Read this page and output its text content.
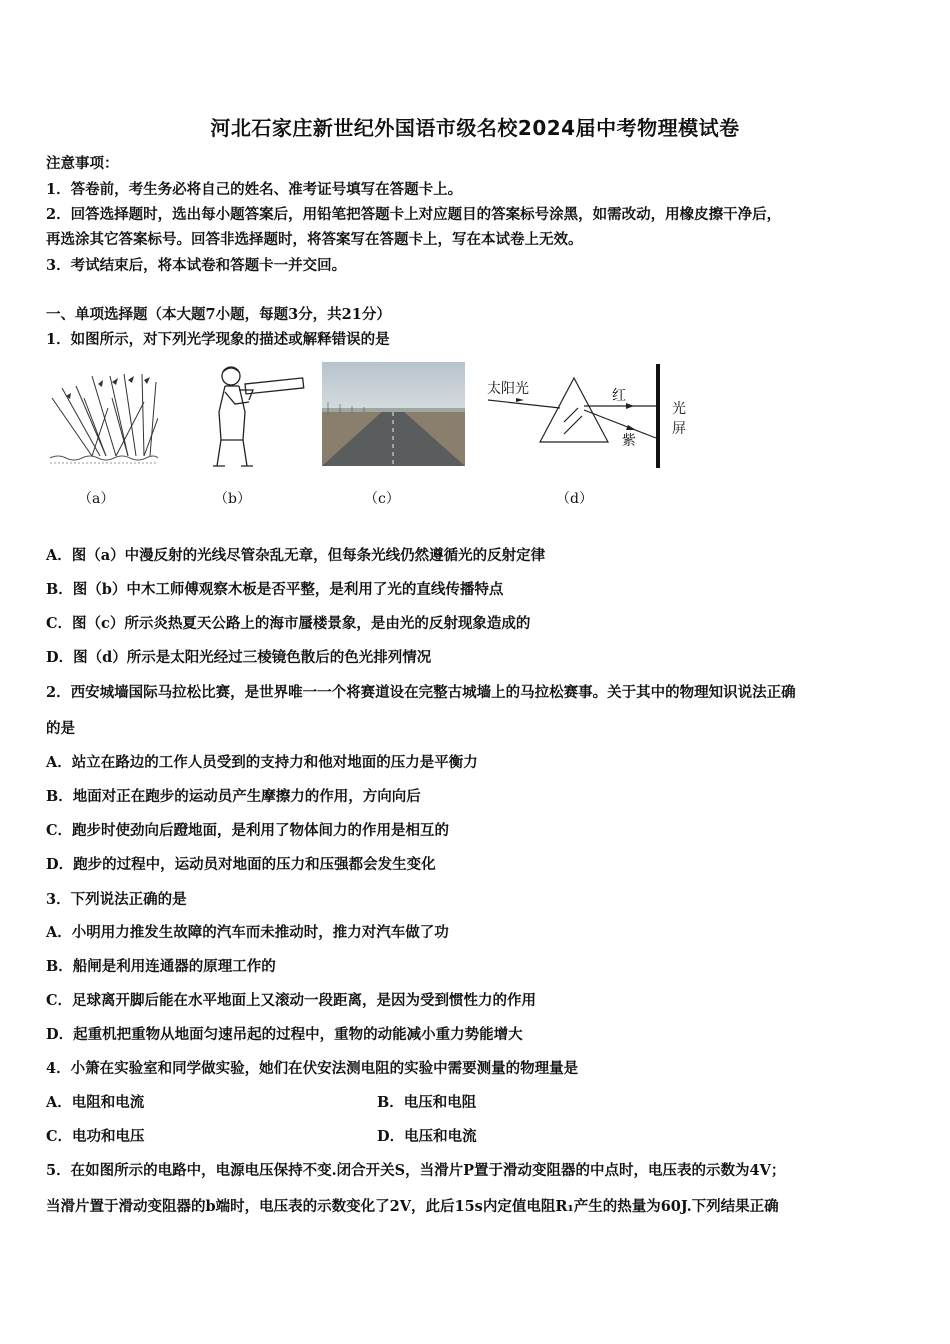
河北石家庄新世纪外国语市级名校2024届中考物理模试卷
注意事项：
1．答卷前，考生务必将自己的姓名、准考证号填写在答题卡上。
2．回答选择题时，选出每小题答案后，用铅笔把答题卡上对应题目的答案标号涂黑，如需改动，用橡皮擦干净后，
再选涂其它答案标号。回答非选择题时，将答案写在答题卡上，写在本试卷上无效。
3．考试结束后，将本试卷和答题卡一并交回。
一、单项选择题（本大题7小题，每题3分，共21分）
1．如图所示，对下列光学现象的描述或解释错误的是
太阳光	红
紫
光
屏
（a）	（b）	（c）	（d）
A．图（a）中漫反射的光线尽管杂乱无章，但每条光线仍然遵循光的反射定律
B．图（b）中木工师傅观察木板是否平整，是利用了光的直线传播特点
C．图（c）所示炎热夏天公路上的海市蜃楼景象，是由光的反射现象造成的
D．图（d）所示是太阳光经过三棱镜色散后的色光排列情况
2．西安城墙国际马拉松比赛，是世界唯一一个将赛道设在完整古城墙上的马拉松赛事。关于其中的物理知识说法正确
的是
A．站立在路边的工作人员受到的支持力和他对地面的压力是平衡力
B．地面对正在跑步的运动员产生摩擦力的作用，方向向后
C．跑步时使劲向后蹬地面，是利用了物体间力的作用是相互的
D．跑步的过程中，运动员对地面的压力和压强都会发生变化
3．下列说法正确的是
A．小明用力推发生故障的汽车而未推动时，推力对汽车做了功
B．船闸是利用连通器的原理工作的
C．足球离开脚后能在水平地面上又滚动一段距离，是因为受到惯性力的作用
D．起重机把重物从地面匀速吊起的过程中，重物的动能减小重力势能增大
4．小箫在实验室和同学做实验，她们在伏安法测电阻的实验中需要测量的物理量是
A．电阻和电流	B．电压和电阻
C．电功和电压	D．电压和电流
5．在如图所示的电路中，电源电压保持不变.闭合开关S，当滑片P置于滑动变阻器的中点时，电压表的示数为4V；
当滑片置于滑动变阻器的b端时，电压表的示数变化了2V，此后15s内定值电阻R₁产生的热量为60J.下列结果正确
